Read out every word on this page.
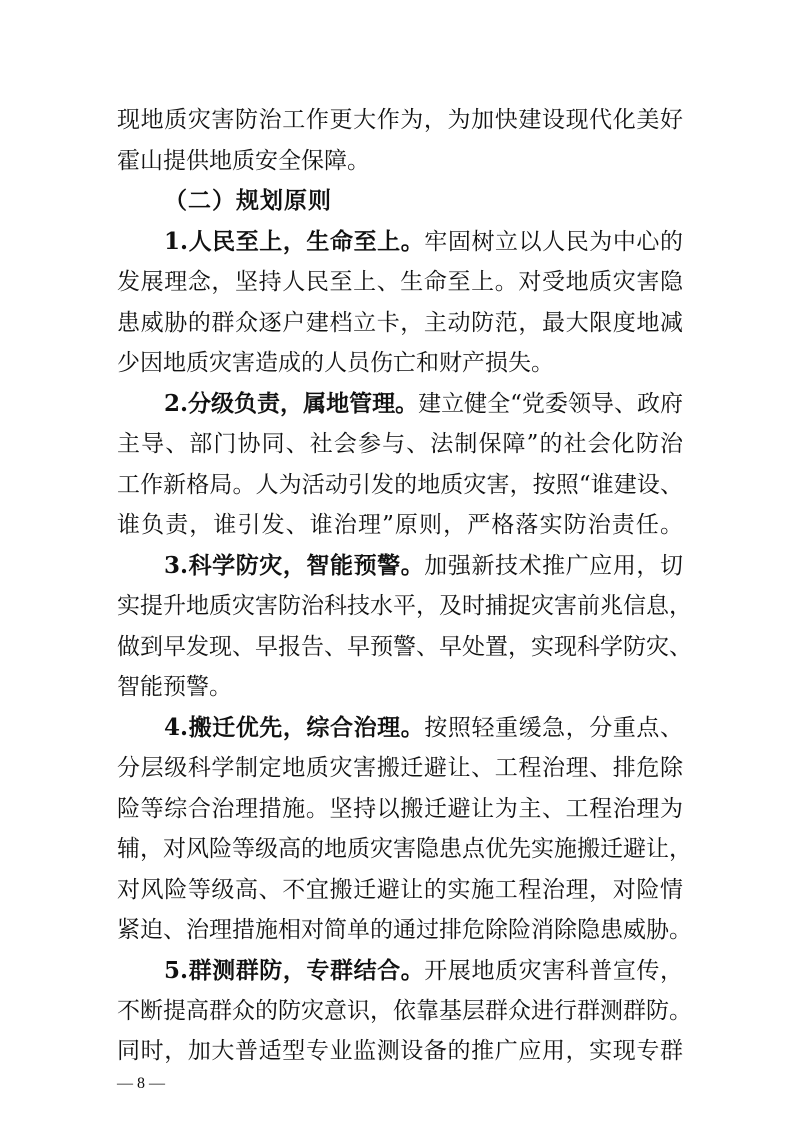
现地质灾害防治工作更大作为，为加快建设现代化美好
霍山提供地质安全保障。
（二）规划原则
1.人民至上，生命至上。牢固树立以人民为中心的
发展理念，坚持人民至上、生命至上。对受地质灾害隐
患威胁的群众逐户建档立卡，主动防范，最大限度地减
少因地质灾害造成的人员伤亡和财产损失。
2.分级负责，属地管理。建立健全“党委领导、政府
主导、部门协同、社会参与、法制保障”的社会化防治
工作新格局。人为活动引发的地质灾害，按照“谁建设、
谁负责，谁引发、谁治理”原则，严格落实防治责任。
3.科学防灾，智能预警。加强新技术推广应用，切
实提升地质灾害防治科技水平，及时捕捉灾害前兆信息，
做到早发现、早报告、早预警、早处置，实现科学防灾、
智能预警。
4.搬迁优先，综合治理。按照轻重缓急，分重点、
分层级科学制定地质灾害搬迁避让、工程治理、排危除
险等综合治理措施。坚持以搬迁避让为主、工程治理为
辅，对风险等级高的地质灾害隐患点优先实施搬迁避让，
对风险等级高、不宜搬迁避让的实施工程治理，对险情
紧迫、治理措施相对简单的通过排危除险消除隐患威胁。
5.群测群防，专群结合。开展地质灾害科普宣传，
不断提高群众的防灾意识，依靠基层群众进行群测群防。
同时，加大普适型专业监测设备的推广应用，实现专群
— 8 —
